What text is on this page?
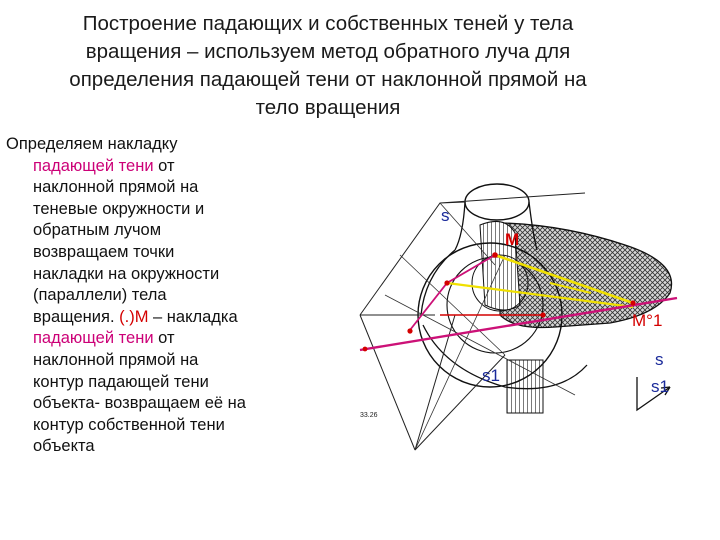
Построение падающих и собственных теней у тела
вращения – используем метод обратного луча для
определения падающей тени от наклонной прямой на
тело вращения
Определяем накладку
падающей тени от
наклонной прямой на
теневые окружности и
обратным лучом
возвращаем точки
накладки на окружности
(параллели) тела
вращения. (.)M – накладка
падающей тени от
наклонной прямой на
контур падающей тени
объекта- возвращаем её на
контур собственной тени
объекта
33.26
s
M
s1
M°1
s
s1
